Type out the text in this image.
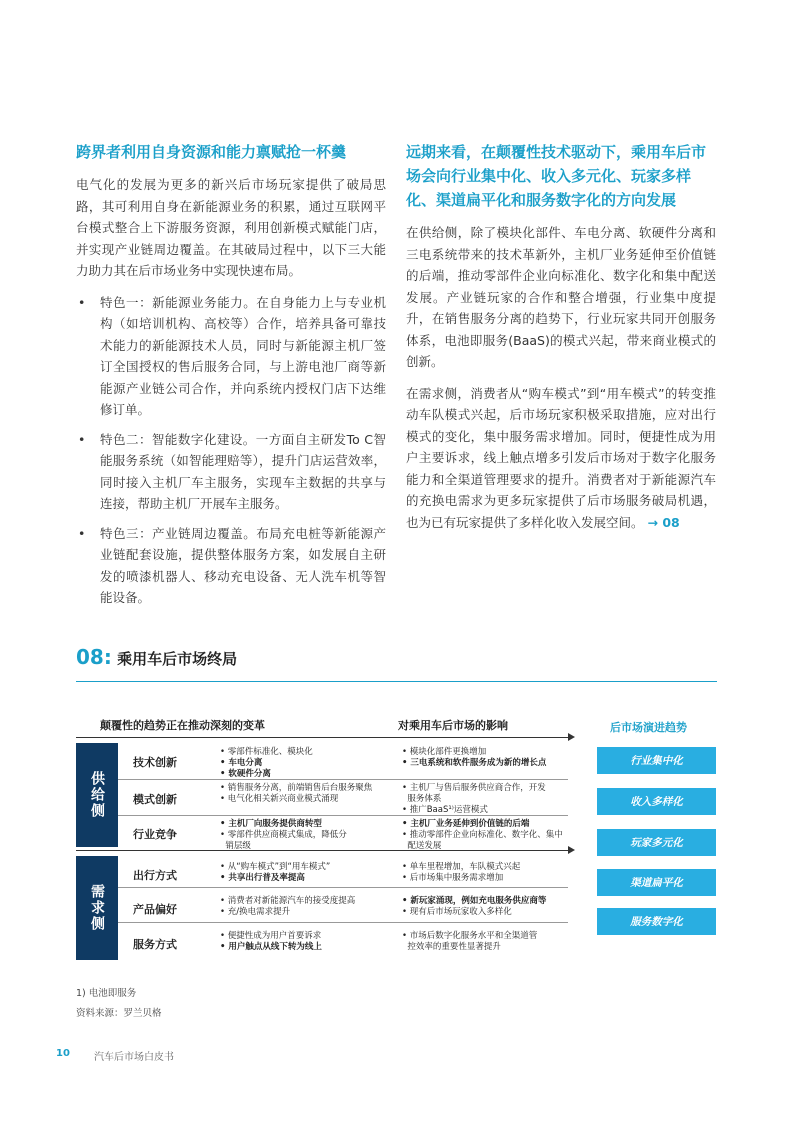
跨界者利用自身资源和能力禀赋抢一杯羹
电气化的发展为更多的新兴后市场玩家提供了破局思路，其可利用自身在新能源业务的积累，通过互联网平台模式整合上下游服务资源，利用创新模式赋能门店，并实现产业链周边覆盖。在其破局过程中，以下三大能力助力其在后市场业务中实现快速布局。
• 特色一：新能源业务能力。在自身能力上与专业机构（如培训机构、高校等）合作，培养具备可靠技术能力的新能源技术人员，同时与新能源主机厂签订全国授权的售后服务合同，与上游电池厂商等新能源产业链公司合作，并向系统内授权门店下达维修订单。
• 特色二：智能数字化建设。一方面自主研发To C智能服务系统（如智能理赔等），提升门店运营效率，同时接入主机厂车主服务，实现车主数据的共享与连接，帮助主机厂开展车主服务。
• 特色三：产业链周边覆盖。布局充电桩等新能源产业链配套设施，提供整体服务方案，如发展自主研发的喷漆机器人、移动充电设备、无人洗车机等智能设备。
远期来看，在颠覆性技术驱动下，乘用车后市场会向行业集中化、收入多元化、玩家多样化、渠道扁平化和服务数字化的方向发展
在供给侧，除了模块化部件、车电分离、软硬件分离和三电系统带来的技术革新外，主机厂业务延伸至价值链的后端，推动零部件企业向标准化、数字化和集中配送发展。产业链玩家的合作和整合增强，行业集中度提升，在销售服务分离的趋势下，行业玩家共同开创服务体系，电池即服务(BaaS)的模式兴起，带来商业模式的创新。
在需求侧，消费者从“购车模式”到“用车模式”的转变推动车队模式兴起，后市场玩家积极采取措施，应对出行模式的变化，集中服务需求增加。同时，便捷性成为用户主要诉求，线上触点增多引发后市场对于数字化服务能力和全渠道管理要求的提升。消费者对于新能源汽车的充换电需求为更多玩家提供了后市场服务破局机遇，也为已有玩家提供了多样化收入发展空间。 → 08
08: 乘用车后市场终局
颠覆性的趋势正在推动深刻的变革	对乘用车后市场的影响	后市场演进趋势
供给侧
需求侧
技术创新
• 零部件标准化、模块化
• 车电分离
• 软硬件分离
• 模块化部件更换增加
• 三电系统和软件服务成为新的增长点
模式创新
• 销售服务分离，前端销售后台服务聚焦
• 电气化相关新兴商业模式涌现
• 主机厂与售后服务供应商合作，开发
服务体系
• 推广BaaS¹⁾运营模式
行业竞争
• 主机厂向服务提供商转型
• 零部件供应商模式集成，降低分
销层级
• 主机厂业务延伸到价值链的后端
• 推动零部件企业向标准化、数字化、集中
配送发展
出行方式
• 从“购车模式”到“用车模式”
• 共享出行普及率提高
• 单车里程增加，车队模式兴起
• 后市场集中服务需求增加
产品偏好
• 消费者对新能源汽车的接受度提高
• 充/换电需求提升
• 新玩家涌现，例如充电服务供应商等
• 现有后市场玩家收入多样化
服务方式
• 便捷性成为用户首要诉求
• 用户触点从线下转为线上
• 市场后数字化服务水平和全渠道管
控效率的重要性显著提升
行业集中化
收入多样化
玩家多元化
渠道扁平化
服务数字化
1) 电池即服务
资料来源：罗兰贝格
10 汽车后市场白皮书
